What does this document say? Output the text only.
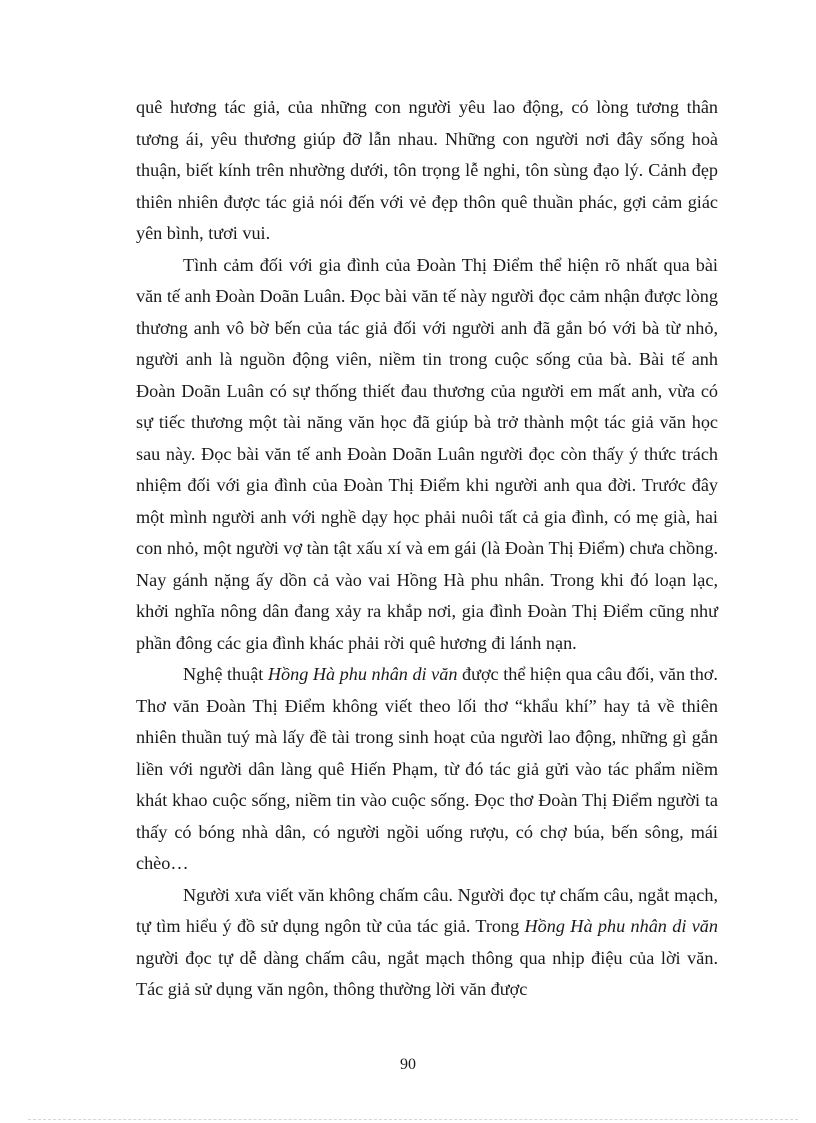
quê hương tác giả, của những con người yêu lao động, có lòng tương thân tương ái, yêu thương giúp đỡ lẫn nhau. Những con người nơi đây sống hoà thuận, biết kính trên nhường dưới, tôn trọng lễ nghi, tôn sùng đạo lý. Cảnh đẹp thiên nhiên được tác giả nói đến với vẻ đẹp thôn quê thuần phác, gợi cảm giác yên bình, tươi vui.

Tình cảm đối với gia đình của Đoàn Thị Điểm thể hiện rõ nhất qua bài văn tế anh Đoàn Doãn Luân. Đọc bài văn tế này người đọc cảm nhận được lòng thương anh vô bờ bến của tác giả đối với người anh đã gắn bó với bà từ nhỏ, người anh là nguồn động viên, niềm tin trong cuộc sống của bà. Bài tế anh Đoàn Doãn Luân có sự thống thiết đau thương của người em mất anh, vừa có sự tiếc thương một tài năng văn học đã giúp bà trở thành một tác giả văn học sau này. Đọc bài văn tế anh Đoàn Doãn Luân người đọc còn thấy ý thức trách nhiệm đối với gia đình của Đoàn Thị Điểm khi người anh qua đời. Trước đây một mình người anh với nghề dạy học phải nuôi tất cả gia đình, có mẹ già, hai con nhỏ, một người vợ tàn tật xấu xí và em gái (là Đoàn Thị Điểm) chưa chồng. Nay gánh nặng ấy dồn cả vào vai Hồng Hà phu nhân. Trong khi đó loạn lạc, khởi nghĩa nông dân đang xảy ra khắp nơi, gia đình Đoàn Thị Điểm cũng như phần đông các gia đình khác phải rời quê hương đi lánh nạn.

Nghệ thuật Hồng Hà phu nhân di văn được thể hiện qua câu đối, văn thơ. Thơ văn Đoàn Thị Điểm không viết theo lối thơ “khẩu khí” hay tả về thiên nhiên thuần tuý mà lấy đề tài trong sinh hoạt của người lao động, những gì gắn liền với người dân làng quê Hiến Phạm, từ đó tác giả gửi vào tác phẩm niềm khát khao cuộc sống, niềm tin vào cuộc sống. Đọc thơ Đoàn Thị Điểm người ta thấy có bóng nhà dân, có người ngồi uống rượu, có chợ búa, bến sông, mái chèo…

Người xưa viết văn không chấm câu. Người đọc tự chấm câu, ngắt mạch, tự tìm hiểu ý đồ sử dụng ngôn từ của tác giả. Trong Hồng Hà phu nhân di văn người đọc tự dễ dàng chấm câu, ngắt mạch thông qua nhịp điệu của lời văn. Tác giả sử dụng văn ngôn, thông thường lời văn được

90
